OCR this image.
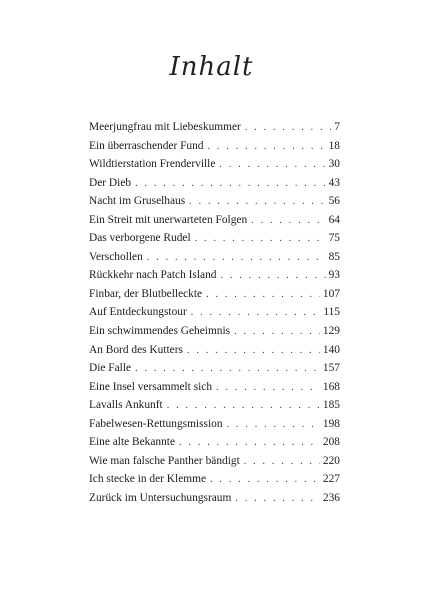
Inhalt
Meerjungfrau mit Liebeskummer . . .	7
Ein überraschender Fund . . .	18
Wildtierstation Frenderville . . .	30
Der Dieb . . .	43
Nacht im Gruselhaus . . .	56
Ein Streit mit unerwarteten Folgen . . .	64
Das verborgene Rudel . . .	75
Verschollen . . .	85
Rückkehr nach Patch Island . . .	93
Finbar, der Blutbelleckte . . .	107
Auf Entdeckungstour . . .	115
Ein schwimmendes Geheimnis . . .	129
An Bord des Kutters . . .	140
Die Falle . . .	157
Eine Insel versammelt sich . . .	168
Lavalls Ankunft . . .	185
Fabelwesen-Rettungsmission . . .	198
Eine alte Bekannte . . .	208
Wie man falsche Panther bändigt . . .	220
Ich stecke in der Klemme . . .	227
Zurück im Untersuchungsraum . . .	236
